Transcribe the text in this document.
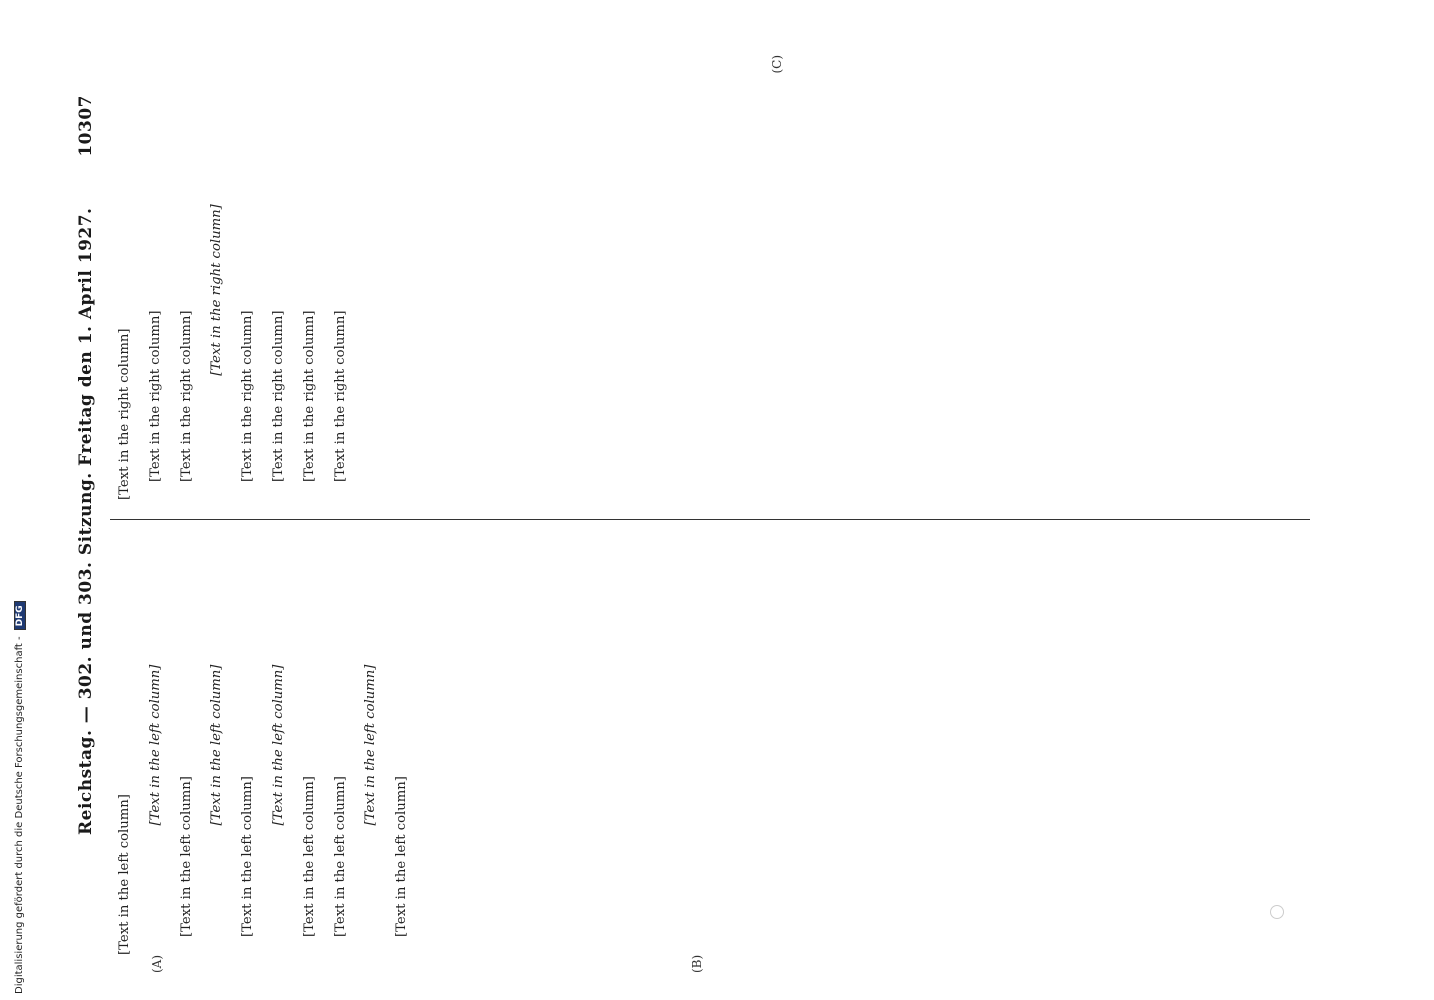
Digitalisierung gefördert durch die Deutsche Forschungsgemeinschaft -DFG	Reichstag. — 302. und 303. Sitzung. Freitag den 1. April 1927.
10307

[Text in the left column]

[Text in the left column]

[Text in the left column]

[Text in the left column]

[Text in the left column]

[Text in the left column]

[Text in the left column]	[Text in the left column]

[Text in the left column]

[Text in the left column]

[Text in the right column]	[Text in the right column]	[Text in the right column]

[Text in the right column]

[Text in the right column]	[Text in the right column]	[Text in the right column]	[Text in the right column]

(A)	(B)
(C)
